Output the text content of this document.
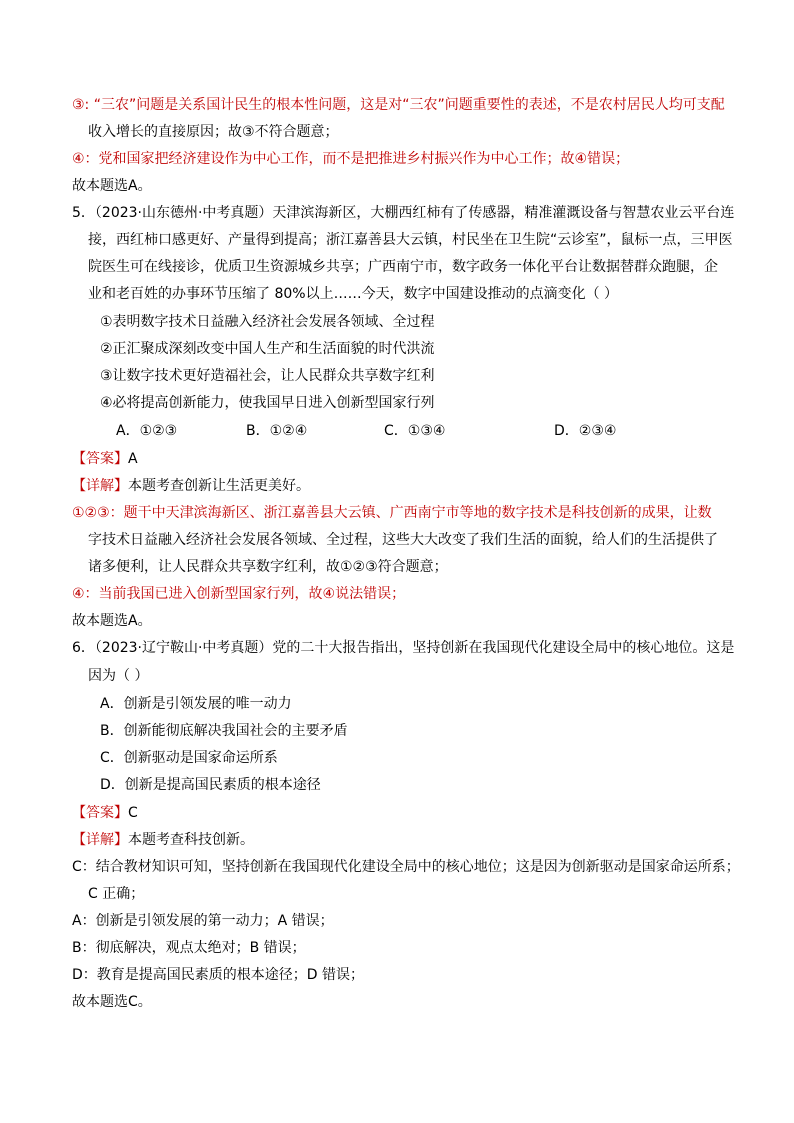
③: “三农”问题是关系国计民生的根本性问题，这是对“三农”问题重要性的表述，不是农村居民人均可支配
收入增长的直接原因；故③不符合题意；
④：党和国家把经济建设作为中心工作，而不是把推进乡村振兴作为中心工作；故④错误；
故本题选A。
5．（2023·山东德州·中考真题）天津滨海新区，大棚西红柿有了传感器，精准灌溉设备与智慧农业云平台连
接，西红柿口感更好、产量得到提高；浙江嘉善县大云镇，村民坐在卫生院“云诊室”，鼠标一点，三甲医
院医生可在线接诊，优质卫生资源城乡共享；广西南宁市，数字政务一体化平台让数据替群众跑腿，企
业和老百姓的办事环节压缩了 80%以上……今天，数字中国建设推动的点滴变化（ ）
①表明数字技术日益融入经济社会发展各领域、全过程
②正汇聚成深刻改变中国人生产和生活面貌的时代洪流
③让数字技术更好造福社会，让人民群众共享数字红利
④必将提高创新能力，使我国早日进入创新型国家行列
A．①②③	B．①②④	C．①③④	D．②③④
【答案】A
【详解】本题考查创新让生活更美好。
①②③：题干中天津滨海新区、浙江嘉善县大云镇、广西南宁市等地的数字技术是科技创新的成果，让数
字技术日益融入经济社会发展各领域、全过程，这些大大改变了我们生活的面貌，给人们的生活提供了
诸多便利，让人民群众共享数字红利，故①②③符合题意；
④：当前我国已进入创新型国家行列，故④说法错误；
故本题选A。
6．（2023·辽宁鞍山·中考真题）党的二十大报告指出，坚持创新在我国现代化建设全局中的核心地位。这是
因为（ ）
A．创新是引领发展的唯一动力
B．创新能彻底解决我国社会的主要矛盾
C．创新驱动是国家命运所系
D．创新是提高国民素质的根本途径
【答案】C
【详解】本题考查科技创新。
C：结合教材知识可知，坚持创新在我国现代化建设全局中的核心地位；这是因为创新驱动是国家命运所系；
C 正确；
A：创新是引领发展的第一动力；A 错误；
B：彻底解决，观点太绝对；B 错误；
D：教育是提高国民素质的根本途径；D 错误；
故本题选C。
